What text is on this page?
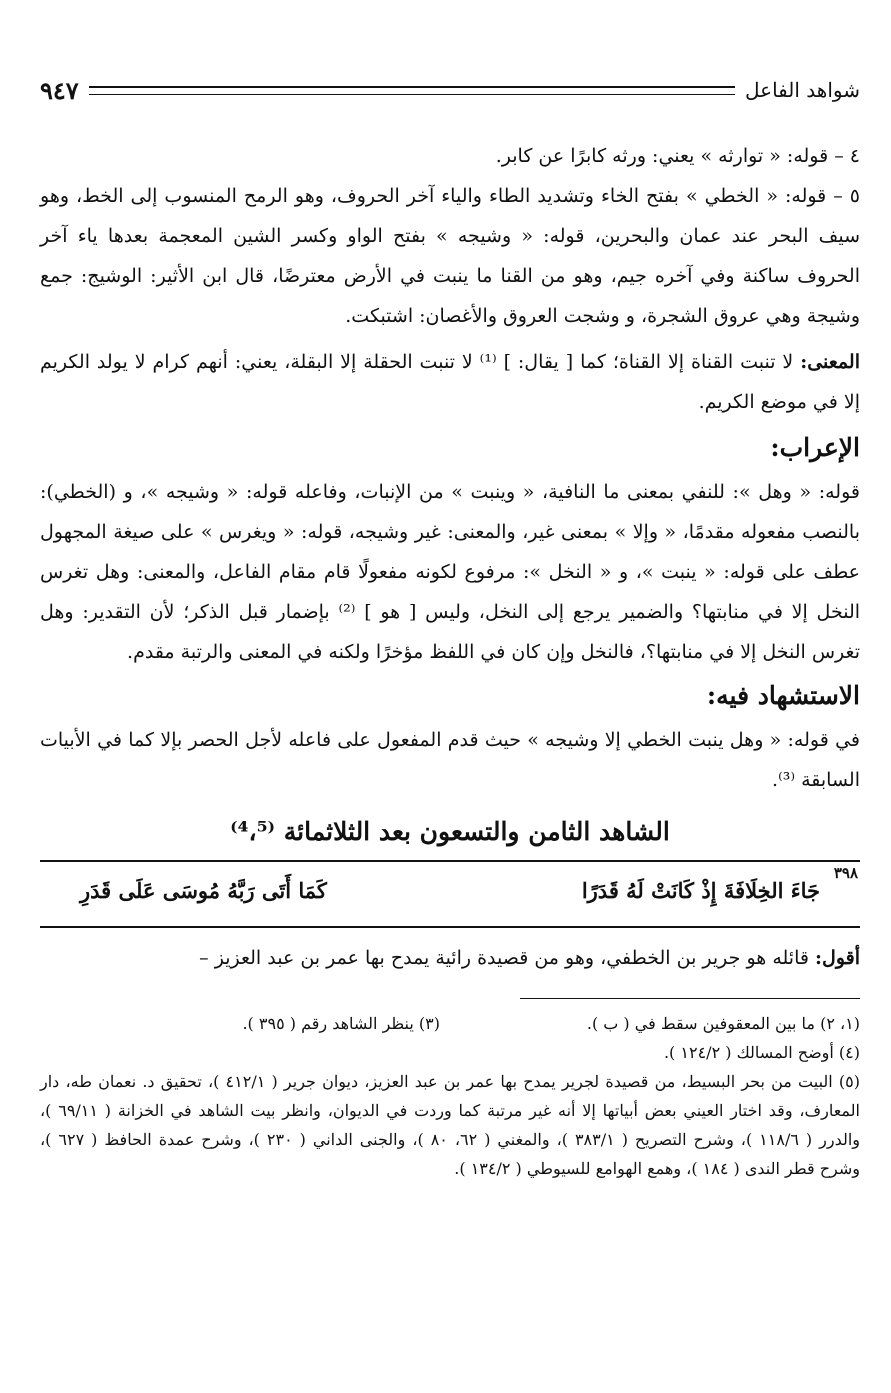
شواهد الفاعل
٩٤٧

٤ – قوله: « توارثه » يعني: ورثه كابرًا عن كابر.

٥ – قوله: « الخطي » بفتح الخاء وتشديد الطاء والياء آخر الحروف، وهو الرمح المنسوب إلى الخط، وهو سيف البحر عند عمان والبحرين، قوله: « وشيجه » بفتح الواو وكسر الشين المعجمة بعدها ياء آخر الحروف ساكنة وفي آخره جيم، وهو من القنا ما ينبت في الأرض معترضًا، قال ابن الأثير: الوشيج: جمع وشيجة وهي عروق الشجرة، و وشجت العروق والأغصان: اشتبكت.

المعنى: لا تنبت القناة إلا القناة؛ كما [ يقال: ] ⁽¹⁾ لا تنبت الحقلة إلا البقلة، يعني: أنهم كرام لا يولد الكريم إلا في موضع الكريم.

الإعراب:

قوله: « وهل »: للنفي بمعنى ما النافية، « وينبت » من الإنبات، وفاعله قوله: « وشيجه »، و (الخطي): بالنصب مفعوله مقدمًا، « وإلا » بمعنى غير، والمعنى: غير وشيجه، قوله: « ويغرس » على صيغة المجهول عطف على قوله: « ينبت »، و « النخل »: مرفوع لكونه مفعولًا قام مقام الفاعل، والمعنى: وهل تغرس النخل إلا في منابتها؟ والضمير يرجع إلى النخل، وليس [ هو ] ⁽²⁾ بإضمار قبل الذكر؛ لأن التقدير: وهل تغرس النخل إلا في منابتها؟، فالنخل وإن كان في اللفظ مؤخرًا ولكنه في المعنى والرتبة مقدم.

الاستشهاد فيه:

في قوله: « وهل ينبت الخطي إلا وشيجه » حيث قدم المفعول على فاعله لأجل الحصر بإلا كما في الأبيات السابقة ⁽³⁾.

الشاهد الثامن والتسعون بعد الثلاثمائة ⁽⁴،⁵⁾
٣٩٨
جَاءَ الخِلَافَةَ إِذْ كَانَتْ لَهُ قَدَرًا
كَمَا أَتَى رَبَّهُ مُوسَى عَلَى قَدَرِ

أقول: قائله هو جرير بن الخطفي، وهو من قصيدة رائية يمدح بها عمر بن عبد العزيز –

(١، ٢) ما بين المعقوفين سقط في ( ب ).
(٣) ينظر الشاهد رقم ( ٣٩٥ ).
(٤) أوضح المسالك ( ١٢٤/٢ ).
(٥) البيت من بحر البسيط، من قصيدة لجرير يمدح بها عمر بن عبد العزيز، ديوان جرير ( ٤١٢/١ )، تحقيق د. نعمان طه، دار المعارف، وقد اختار العيني بعض أبياتها إلا أنه غير مرتبة كما وردت في الديوان، وانظر بيت الشاهد في الخزانة ( ٦٩/١١ )، والدرر ( ١١٨/٦ )، وشرح التصريح ( ٣٨٣/١ )، والمغني ( ٦٢، ٨٠ )، والجنى الداني ( ٢٣٠ )، وشرح عمدة الحافظ ( ٦٢٧ )، وشرح قطر الندى ( ١٨٤ )، وهمع الهوامع للسيوطي ( ١٣٤/٢ ).
